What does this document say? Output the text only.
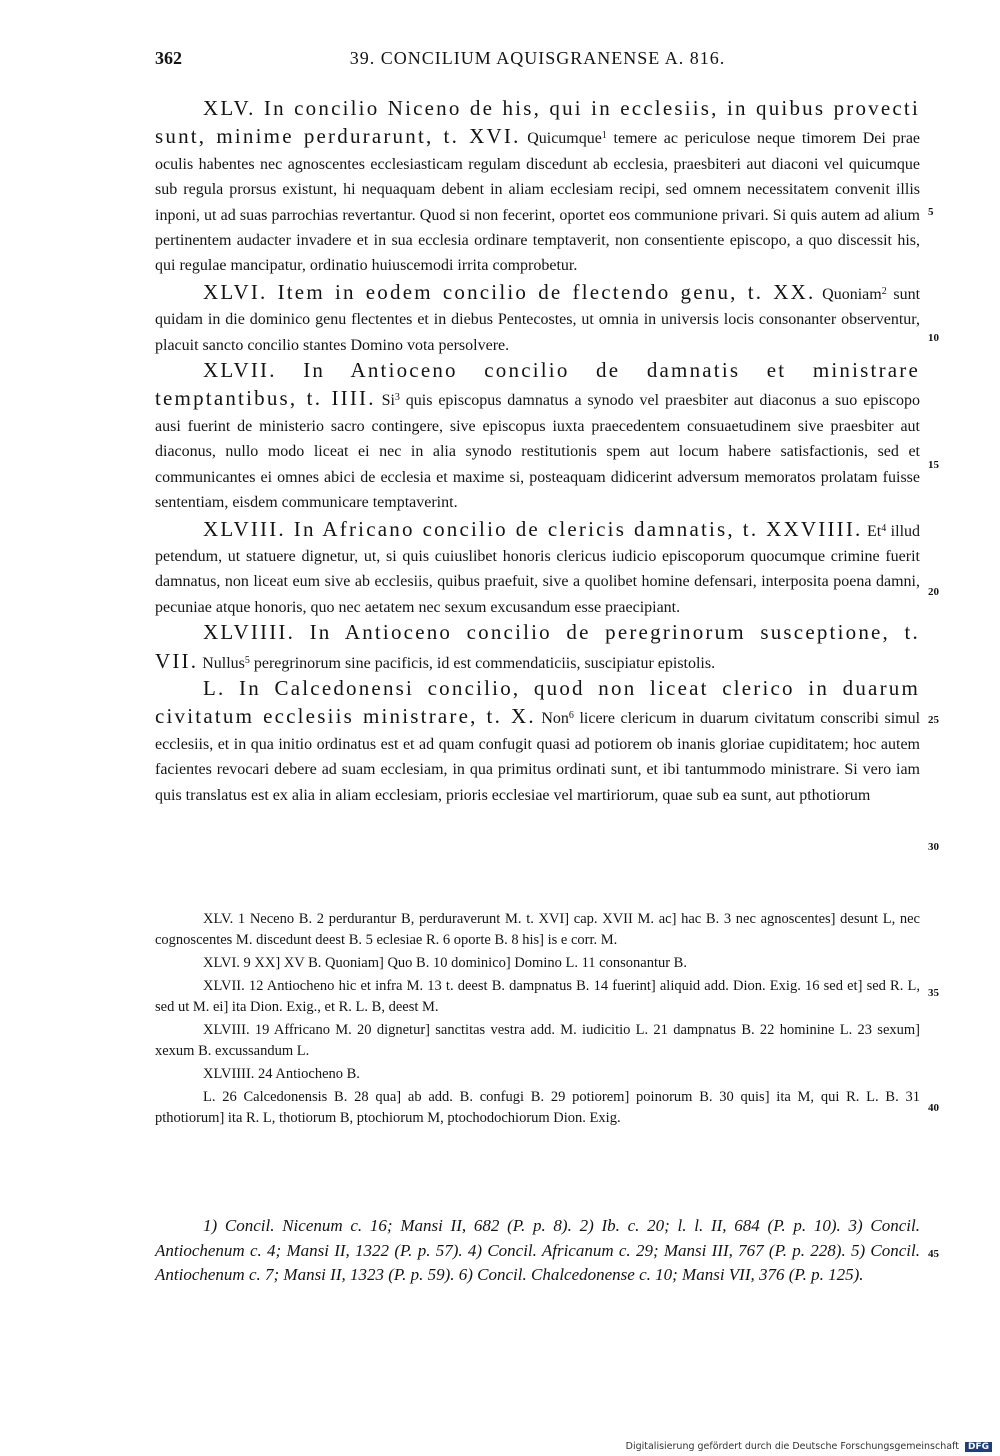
362	39. CONCILIUM AQUISGRANENSE A. 816.

XLV. In concilio Niceno de his, qui in ecclesiis, in quibus provecti sunt, minime perdurarunt, t. XVI. Quicumque$^1$ temere ac periculose neque timorem Dei prae oculis habentes nec agnoscentes ecclesiasticam regulam discedunt ab ecclesia, praesbiteri aut diaconi vel quicumque sub regula prorsus existunt, hi nequaquam debent in aliam ecclesiam recipi, sed omnem necessitatem convenit illis inponi, ut ad suas parrochias revertantur. Quod si non fecerint, oportet eos communione privari. Si quis autem ad alium pertinentem audacter invadere et in sua ecclesia ordinare temptaverit, non consentiente episcopo, a quo discessit his, qui regulae mancipatur, ordinatio huiuscemodi irrita comprobetur.

XLVI. Item in eodem concilio de flectendo genu, t. XX. Quoniam$^2$ sunt quidam in die dominico genu flectentes et in diebus Pentecostes, ut omnia in universis locis consonanter observentur, placuit sancto concilio stantes Domino vota persolvere.

XLVII. In Antioceno concilio de damnatis et ministrare temptantibus, t. IIII. Si$^3$ quis episcopus damnatus a synodo vel praesbiter aut diaconus a suo episcopo ausi fuerint de ministerio sacro contingere, sive episcopus iuxta praecedentem consuaetudinem sive praesbiter aut diaconus, nullo modo liceat ei nec in alia synodo restitutionis spem aut locum habere satisfactionis, sed et communicantes ei omnes abici de ecclesia et maxime si, posteaquam didicerint adversum memoratos prolatam fuisse sententiam, eisdem communicare temptaverint.

XLVIII. In Africano concilio de clericis damnatis, t. XXVIIII. Et$^4$ illud petendum, ut statuere dignetur, ut, si quis cuiuslibet honoris clericus iudicio episcoporum quocumque crimine fuerit damnatus, non liceat eum sive ab ecclesiis, quibus praefuit, sive a quolibet homine defensari, interposita poena damni, pecuniae atque honoris, quo nec aetatem nec sexum excusandum esse praecipiant.

XLVIIII. In Antioceno concilio de peregrinorum susceptione, t. VII. Nullus$^5$ peregrinorum sine pacificis, id est commendaticiis, suscipiatur epistolis.

L. In Calcedonensi concilio, quod non liceat clerico in duarum civitatum ecclesiis ministrare, t. X. Non$^6$ licere clericum in duarum civitatum conscribi simul ecclesiis, et in qua initio ordinatus est et ad quam confugit quasi ad potiorem ob inanis gloriae cupiditatem; hoc autem facientes revocari debere ad suam ecclesiam, in qua primitus ordinati sunt, et ibi tantummodo ministrare. Si vero iam quis translatus est ex alia in aliam ecclesiam, prioris ecclesiae vel martiriorum, quae sub ea sunt, aut pthotiorum

XLV. 1 Neceno B. 2 perdurantur B, perduraverunt M. t. XVI] cap. XVII M. ac] hac B. 3 nec agnoscentes] desunt L, nec cognoscentes M. discedunt deest B. 5 eclesiae R. 6 oporte B. 8 his] is e corr. M.

XLVI. 9 XX] XV B. Quoniam] Quo B. 10 dominico] Domino L. 11 consonantur B.

XLVII. 12 Antiocheno hic et infra M. 13 t. deest B. dampnatus B. 14 fuerint] aliquid add. Dion. Exig. 16 sed et] sed R. L, sed ut M. ei] ita Dion. Exig., et R. L. B, deest M.

XLVIII. 19 Affricano M. 20 dignetur] sanctitas vestra add. M. iudicitio L. 21 dampnatus B. 22 hominine L. 23 sexum] xexum B. excussandum L.

XLVIIII. 24 Antiocheno B.

L. 26 Calcedonensis B. 28 qua] ab add. B. confugi B. 29 potiorem] poinorum B. 30 quis] ita M, qui R. L. B. 31 pthotiorum] ita R. L, thotiorum B, ptochiorum M, ptochodochiorum Dion. Exig.

1) Concil. Nicenum c. 16; Mansi II, 682 (P. p. 8). 2) Ib. c. 20; l. l. II, 684 (P. p. 10). 3) Concil. Antiochenum c. 4; Mansi II, 1322 (P. p. 57). 4) Concil. Africanum c. 29; Mansi III, 767 (P. p. 228). 5) Concil. Antiochenum c. 7; Mansi II, 1323 (P. p. 59). 6) Concil. Chalcedonense c. 10; Mansi VII, 376 (P. p. 125).

5
10
15
20
25
30
35
40
45
Digitalisierung gefördert durch die Deutsche Forschungsgemeinschaft DFG
